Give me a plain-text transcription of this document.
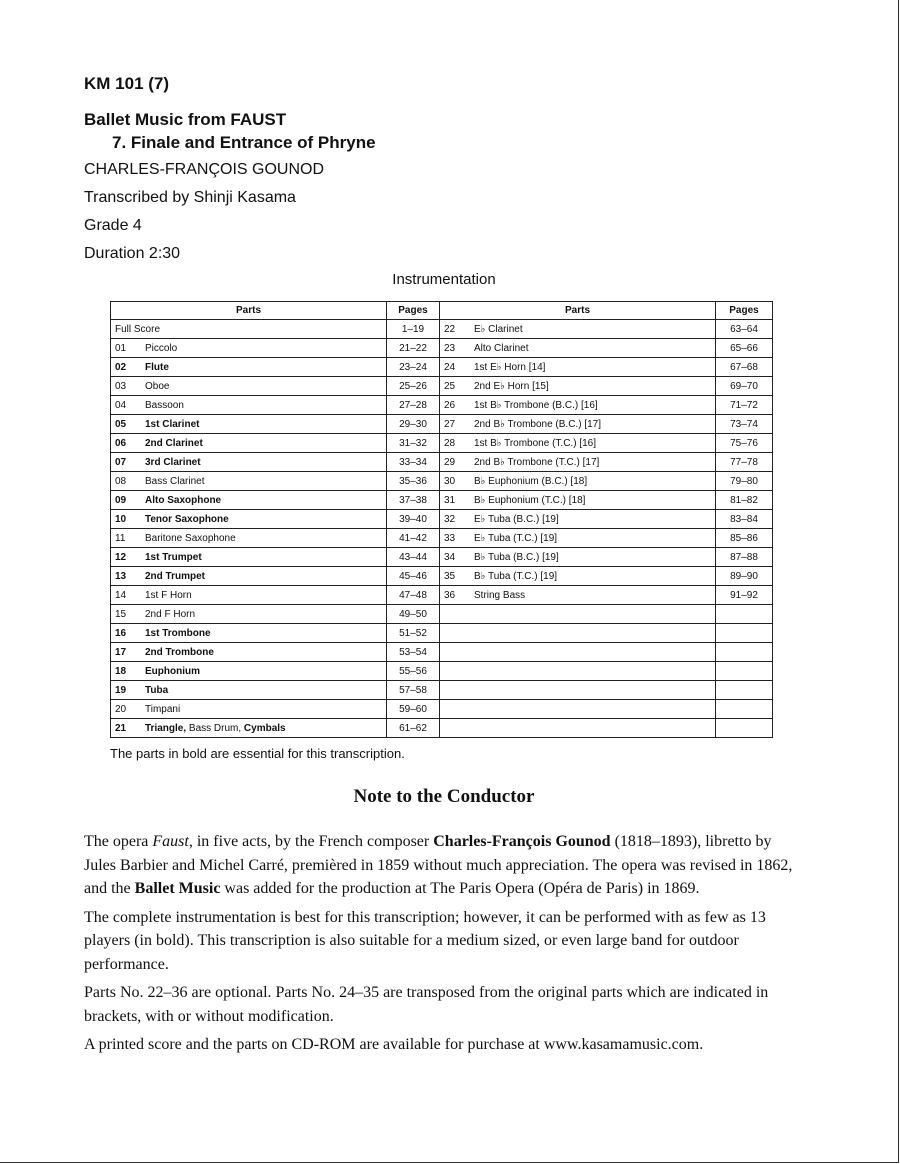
KM 101 (7)
Ballet Music from FAUST
7. Finale and Entrance of Phryne
CHARLES-FRANÇOIS GOUNOD
Transcribed by Shinji Kasama
Grade 4
Duration 2:30
Instrumentation
Parts	Pages	Parts	Pages
Full Score	1–19	22 E♭ Clarinet	63–64
01 Piccolo	21–22	23 Alto Clarinet	65–66
02 Flute	23–24	24 1st E♭ Horn [14]	67–68
03 Oboe	25–26	25 2nd E♭ Horn [15]	69–70
04 Bassoon	27–28	26 1st B♭ Trombone (B.C.) [16]	71–72
05 1st Clarinet	29–30	27 2nd B♭ Trombone (B.C.) [17]	73–74
06 2nd Clarinet	31–32	28 1st B♭ Trombone (T.C.) [16]	75–76
07 3rd Clarinet	33–34	29 2nd B♭ Trombone (T.C.) [17]	77–78
08 Bass Clarinet	35–36	30 B♭ Euphonium (B.C.) [18]	79–80
09 Alto Saxophone	37–38	31 B♭ Euphonium (T.C.) [18]	81–82
10 Tenor Saxophone	39–40	32 E♭ Tuba (B.C.) [19]	83–84
11 Baritone Saxophone	41–42	33 E♭ Tuba (T.C.) [19]	85–86
12 1st Trumpet	43–44	34 B♭ Tuba (B.C.) [19]	87–88
13 2nd Trumpet	45–46	35 B♭ Tuba (T.C.) [19]	89–90
14 1st F Horn	47–48	36 String Bass	91–92
15 2nd F Horn	49–50		
16 1st Trombone	51–52		
17 2nd Trombone	53–54		
18 Euphonium	55–56		
19 Tuba	57–58		
20 Timpani	59–60		
21 Triangle, Bass Drum, Cymbals	61–62		
The parts in bold are essential for this transcription.
Note to the Conductor

The opera Faust, in five acts, by the French composer Charles-François Gounod (1818–1893), libretto by Jules Barbier and Michel Carré, premièred in 1859 without much appreciation. The opera was revised in 1862, and the Ballet Music was added for the production at The Paris Opera (Opéra de Paris) in 1869.

The complete instrumentation is best for this transcription; however, it can be performed with as few as 13 players (in bold). This transcription is also suitable for a medium sized, or even large band for outdoor performance.

Parts No. 22–36 are optional. Parts No. 24–35 are transposed from the original parts which are indicated in brackets, with or without modification.

A printed score and the parts on CD-ROM are available for purchase at www.kasamamusic.com.
